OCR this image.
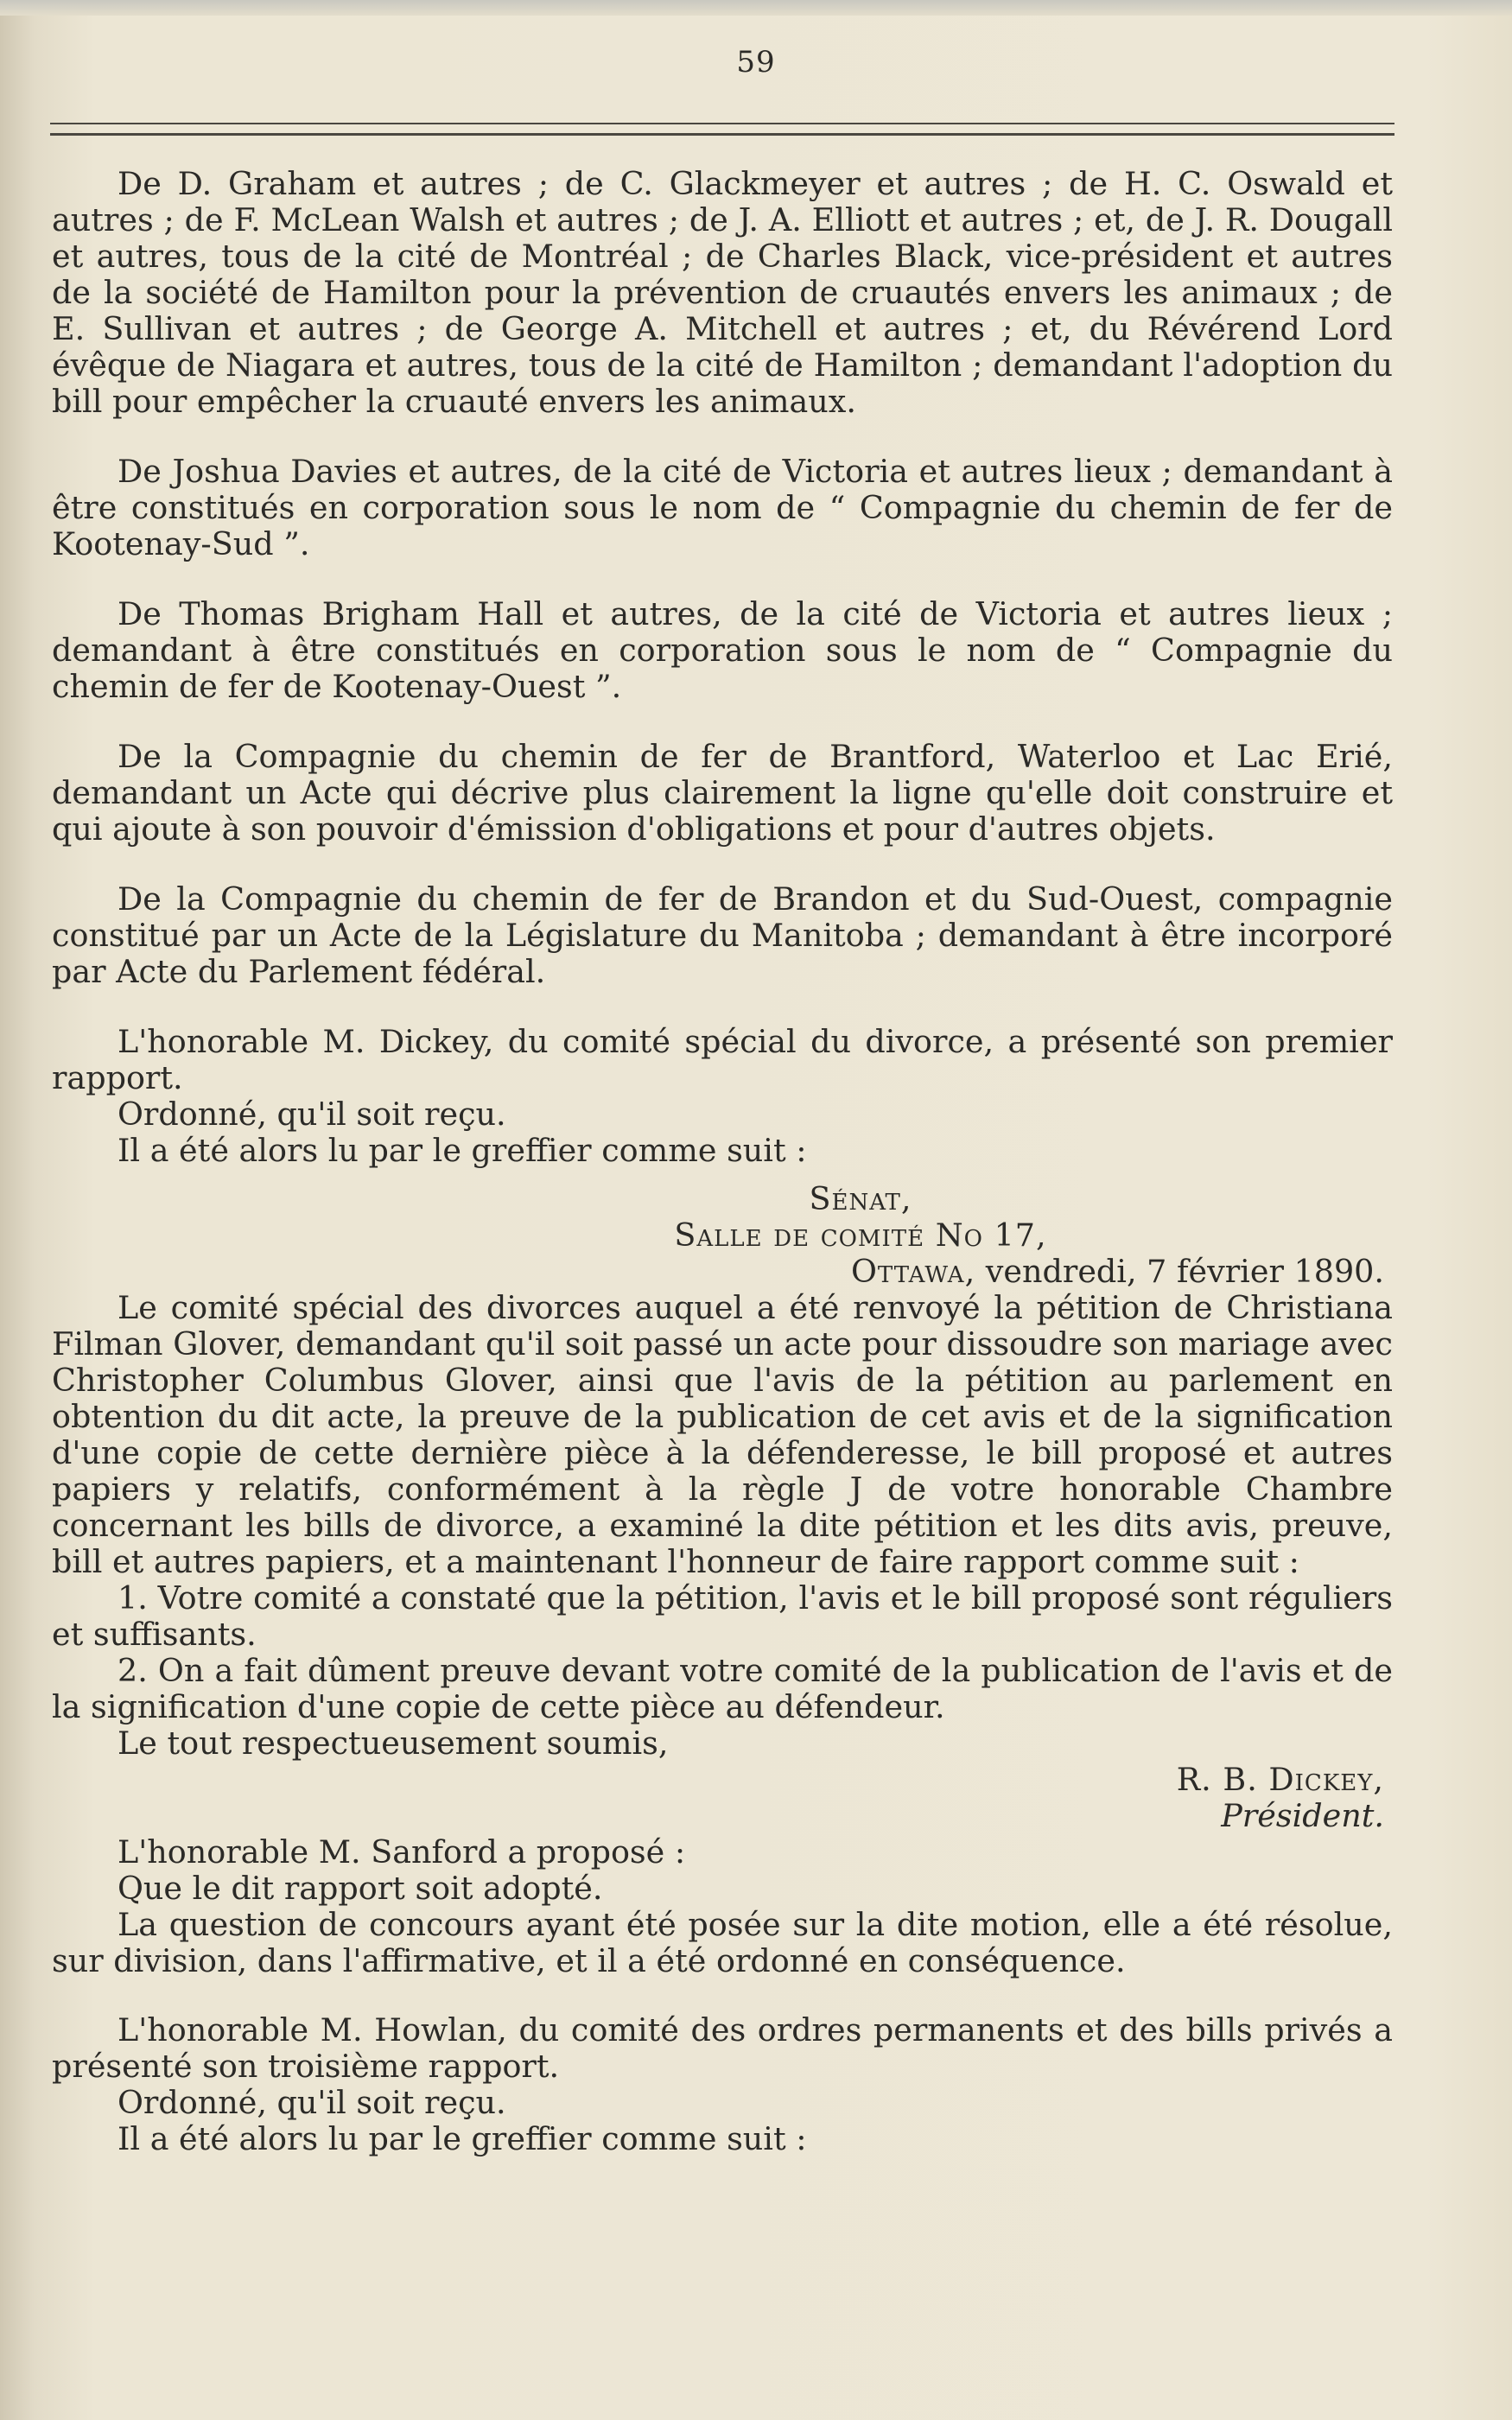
59

De D. Graham et autres ; de C. Glackmeyer et autres ; de H. C. Oswald et autres ; de F. McLean Walsh et autres ; de J. A. Elliott et autres ; et, de J. R. Dougall et autres, tous de la cité de Montréal ; de Charles Black, vice-président et autres de la société de Hamilton pour la prévention de cruautés envers les animaux ; de E. Sullivan et autres ; de George A. Mitchell et autres ; et, du Révérend Lord évêque de Niagara et autres, tous de la cité de Hamilton ; demandant l'adoption du bill pour empêcher la cruauté envers les animaux.

De Joshua Davies et autres, de la cité de Victoria et autres lieux ; demandant à être constitués en corporation sous le nom de “ Compagnie du chemin de fer de Kootenay-Sud ”.

De Thomas Brigham Hall et autres, de la cité de Victoria et autres lieux ; demandant à être constitués en corporation sous le nom de “ Compagnie du chemin de fer de Kootenay-Ouest ”.

De la Compagnie du chemin de fer de Brantford, Waterloo et Lac Erié, demandant un Acte qui décrive plus clairement la ligne qu'elle doit construire et qui ajoute à son pouvoir d'émission d'obligations et pour d'autres objets.

De la Compagnie du chemin de fer de Brandon et du Sud-Ouest, compagnie constitué par un Acte de la Législature du Manitoba ; demandant à être incorporé par Acte du Parlement fédéral.

L'honorable M. Dickey, du comité spécial du divorce, a présenté son premier rapport.

Ordonné, qu'il soit reçu.

Il a été alors lu par le greffier comme suit :

Sénat,

Salle de comité No 17,

Ottawa, vendredi, 7 février 1890.

Le comité spécial des divorces auquel a été renvoyé la pétition de Christiana Filman Glover, demandant qu'il soit passé un acte pour dissoudre son mariage avec Christopher Columbus Glover, ainsi que l'avis de la pétition au parlement en obtention du dit acte, la preuve de la publication de cet avis et de la signification d'une copie de cette dernière pièce à la défenderesse, le bill proposé et autres papiers y relatifs, conformément à la règle J de votre honorable Chambre concernant les bills de divorce, a examiné la dite pétition et les dits avis, preuve, bill et autres papiers, et a maintenant l'honneur de faire rapport comme suit :

1. Votre comité a constaté que la pétition, l'avis et le bill proposé sont réguliers et suffisants.

2. On a fait dûment preuve devant votre comité de la publication de l'avis et de la signification d'une copie de cette pièce au défendeur.

Le tout respectueusement soumis,

R. B. Dickey,

Président.

L'honorable M. Sanford a proposé :

Que le dit rapport soit adopté.

La question de concours ayant été posée sur la dite motion, elle a été résolue, sur division, dans l'affirmative, et il a été ordonné en conséquence.

L'honorable M. Howlan, du comité des ordres permanents et des bills privés a présenté son troisième rapport.

Ordonné, qu'il soit reçu.

Il a été alors lu par le greffier comme suit :
